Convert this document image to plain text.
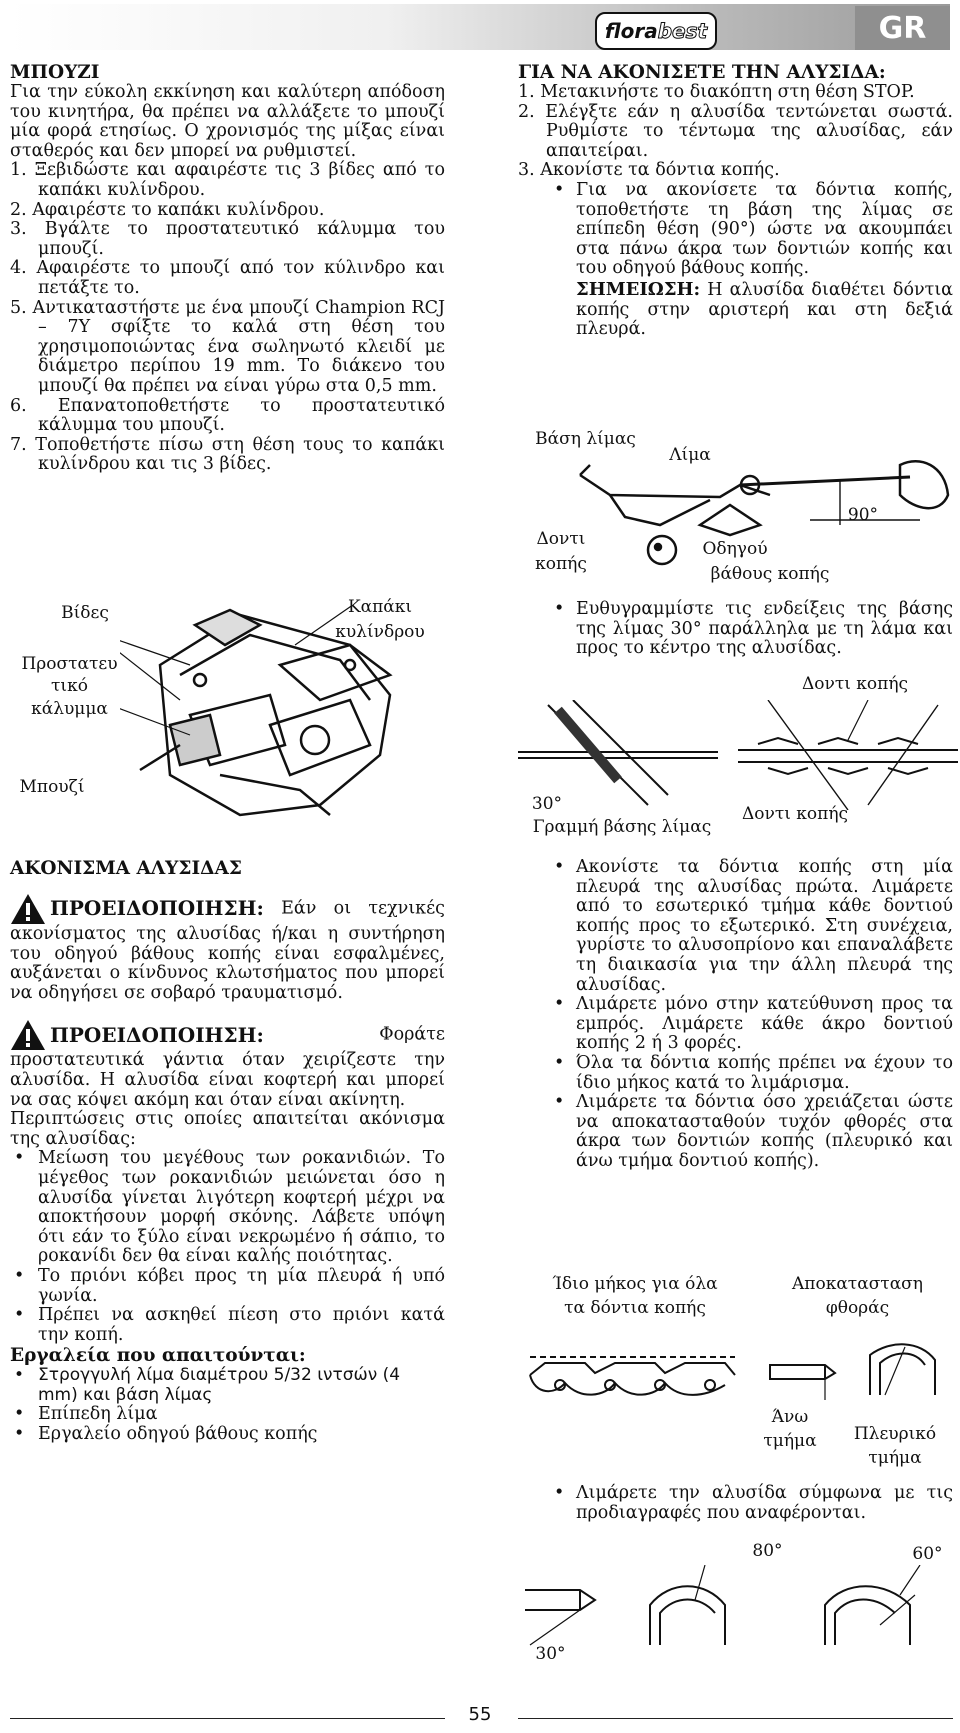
flora best	GR

ΜΠΟΥΖΙ

Για την εύκολη εκκίνηση και καλύτερη απόδοση του κινητήρα, θα πρέπει να αλλάξετε το μπουζί μία φορά ετησίως. Ο χρονισμός της μίξας είναι σταθερός και δεν μπορεί να ρυθμιστεί.

1. Ξεβιδώστε και αφαιρέστε τις 3 βίδες από το καπάκι κυλίνδρου.

2. Αφαιρέστε το καπάκι κυλίνδρου.

3. Βγάλτε το προστατευτικό κάλυμμα του μπουζί.

4. Αφαιρέστε το μπουζί από τον κύλινδρο και πετάξτε το.

5. Αντικαταστήστε με ένα μπουζί Champion RCJ – 7Y σφίξτε το καλά στη θέση του χρησιμοποιώντας ένα σωληνωτό κλειδί με διάμετρο περίπου 19 mm. Το διάκενο του μπουζί θα πρέπει να είναι γύρω στα 0,5 mm.

6. Επανατοποθετήστε το προστατευτικό κάλυμμα του μπουζί.

7. Τοποθετήστε πίσω στη θέση τους το καπάκι κυλίνδρου και τις 3 βίδες.

Βίδες	Καπάκι
κυλίνδρου
Προστατευ
τικό
κάλυμμα
Μπουζί

ΑΚΟΝΙΣΜΑ ΑΛΥΣΙΔΑΣ

ΠΡΟΕΙΔΟΠΟΙΗΣΗ: Εάν οι τεχνικές ακονίσματος της αλυσίδας ή/και η συντήρηση του οδηγού βάθους κοπής είναι εσφαλμένες, αυξάνεται ο κίνδυνος κλωτσήματος που μπορεί να οδηγήσει σε σοβαρό τραυματισμό.

ΠΡΟΕΙΔΟΠΟΙΗΣΗ:	Φοράτε προστατευτικά γάντια όταν χειρίζεστε την αλυσίδα. Η αλυσίδα είναι κοφτερή και μπορεί να σας κόψει ακόμη και όταν είναι ακίνητη.

Περιπτώσεις στις οποίες απαιτείται ακόνισμα της αλυσίδας:

• Μείωση του μεγέθους των ροκανιδιών. Το μέγεθος των ροκανιδιών μειώνεται όσο η αλυσίδα γίνεται λιγότερη κοφτερή μέχρι να αποκτήσουν μορφή σκόνης. Λάβετε υπόψη ότι εάν το ξύλο είναι νεκρωμένο ή σάπιο, το ροκανίδι δεν θα είναι καλής ποιότητας.

• Το πριόνι κόβει προς τη μία πλευρά ή υπό γωνία.

• Πρέπει να ασκηθεί πίεση στο πριόνι κατά την κοπή.

Εργαλεία που απαιτούνται:

• Στρογγυλή λίμα διαμέτρου 5/32 ιντσών (4 mm) και βάση λίμας

• Επίπεδη λίμα

• Εργαλείο οδηγού βάθους κοπής

ΓΙΑ ΝΑ ΑΚΟΝΙΣΕΤΕ ΤΗΝ ΑΛΥΣΙΔΑ:

1. Μετακινήστε το διακόπτη στη θέση STOP.

2. Ελέγξτε εάν η αλυσίδα τεντώνεται σωστά. Ρυθμίστε το τέντωμα της αλυσίδας, εάν απαιτείραι.

3. Ακονίστε τα δόντια κοπής.

• Για να ακονίσετε τα δόντια κοπής, τοποθετήστε τη βάση της λίμας σε επίπεδη θέση (90°) ώστε να ακουμπάει στα πάνω άκρα των δοντιών κοπής και του οδηγού βάθους κοπής.

ΣΗΜΕΙΩΣΗ: Η αλυσίδα διαθέτει δόντια κοπής στην αριστερή και στη δεξιά πλευρά.

Βάση λίμας
Λίμα
Δοντι
κοπής
90°
Οδηγού
βάθους κοπής

• Ευθυγραμμίστε τις ενδείξεις της βάσης της λίμας 30° παράλληλα με τη λάμα και προς το κέντρο της αλυσίδας.

Δοντι κοπής
30°
Γραμμή βάσης λίμας
Δοντι κοπής

• Ακονίστε τα δόντια κοπής στη μία πλευρά της αλυσίδας πρώτα. Λιμάρετε από το εσωτερικό τμήμα κάθε δοντιού κοπής προς το εξωτερικό. Στη συνέχεια, γυρίστε το αλυσοπρίονο και επαναλάβετε τη διαικασία για την άλλη πλευρά της αλυσίδας.

• Λιμάρετε μόνο στην κατεύθυνση προς τα εμπρός. Λιμάρετε κάθε άκρο δοντιού κοπής 2 ή 3 φορές.

• Όλα τα δόντια κοπής πρέπει να έχουν το ίδιο μήκος κατά το λιμάρισμα.

• Λιμάρετε τα δόντια όσο χρειάζεται ώστε να αποκατασταθούν τυχόν φθορές στα άκρα των δοντιών κοπής (πλευρικό και άνω τμήμα δοντιού κοπής).

Ίδιο μήκος για όλα
τα δόντια κοπής
Αποκατασταση
φθοράς
Άνω
τμήμα	Πλευρικό
τμήμα

• Λιμάρετε την αλυσίδα σύμφωνα με τις προδιαγραφές που αναφέρονται.

80°	60°
30°
55
